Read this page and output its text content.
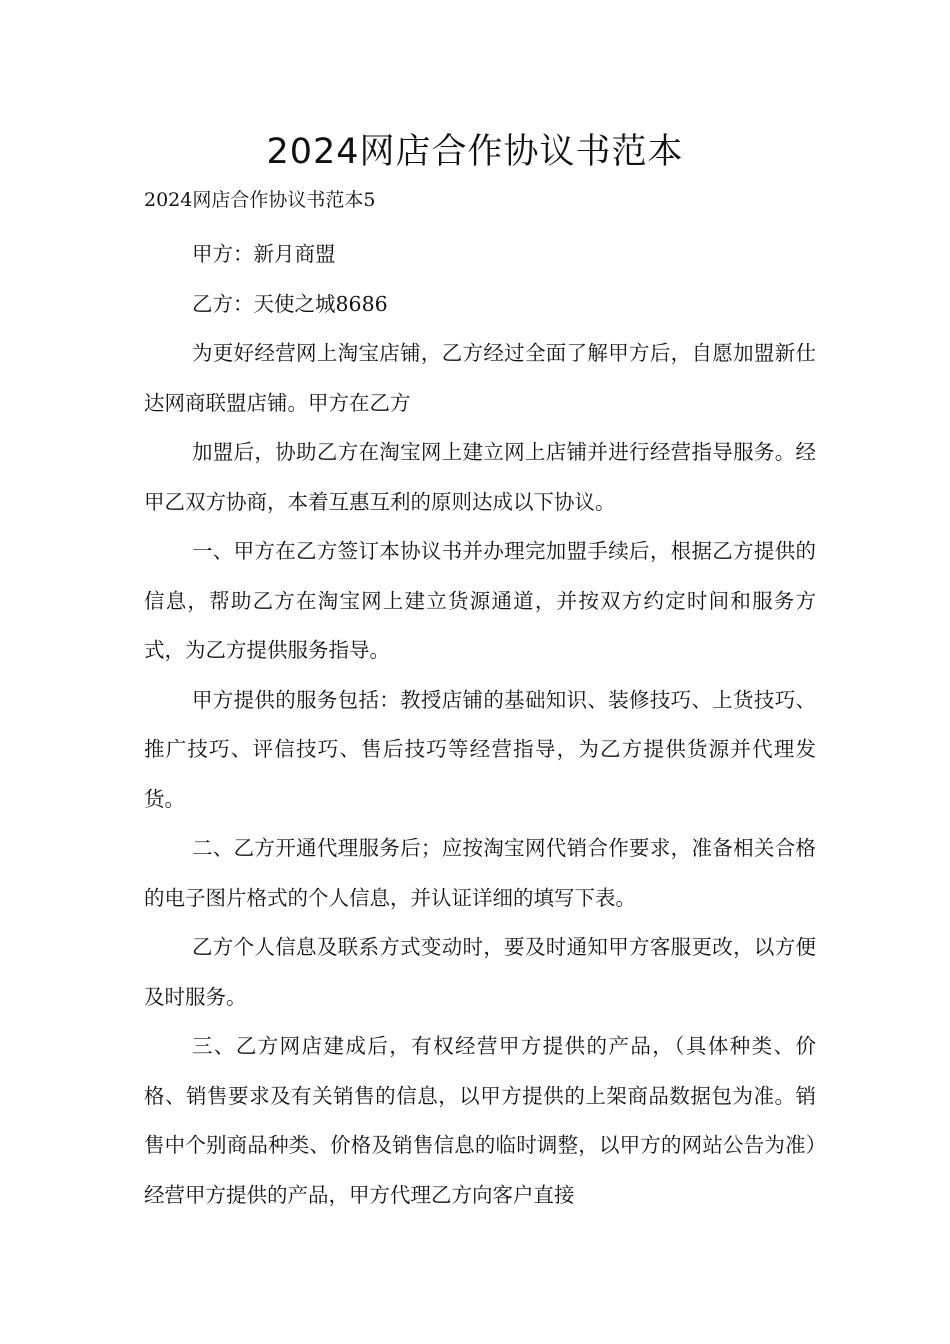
2024网店合作协议书范本

2024网店合作协议书范本5

甲方：新月商盟

乙方：天使之城8686

为更好经营网上淘宝店铺，乙方经过全面了解甲方后，自愿加盟新仕达网商联盟店铺。甲方在乙方

加盟后，协助乙方在淘宝网上建立网上店铺并进行经营指导服务。经甲乙双方协商，本着互惠互利的原则达成以下协议。

一、甲方在乙方签订本协议书并办理完加盟手续后，根据乙方提供的信息，帮助乙方在淘宝网上建立货源通道，并按双方约定时间和服务方式，为乙方提供服务指导。

甲方提供的服务包括：教授店铺的基础知识、装修技巧、上货技巧、推广技巧、评信技巧、售后技巧等经营指导，为乙方提供货源并代理发货。

二、乙方开通代理服务后；应按淘宝网代销合作要求，准备相关合格的电子图片格式的个人信息，并认证详细的填写下表。

乙方个人信息及联系方式变动时，要及时通知甲方客服更改，以方便及时服务。

三、乙方网店建成后，有权经营甲方提供的产品，（具体种类、价格、销售要求及有关销售的信息，以甲方提供的上架商品数据包为准。销售中个别商品种类、价格及销售信息的临时调整，以甲方的网站公告为准）经营甲方提供的产品，甲方代理乙方向客户直接
